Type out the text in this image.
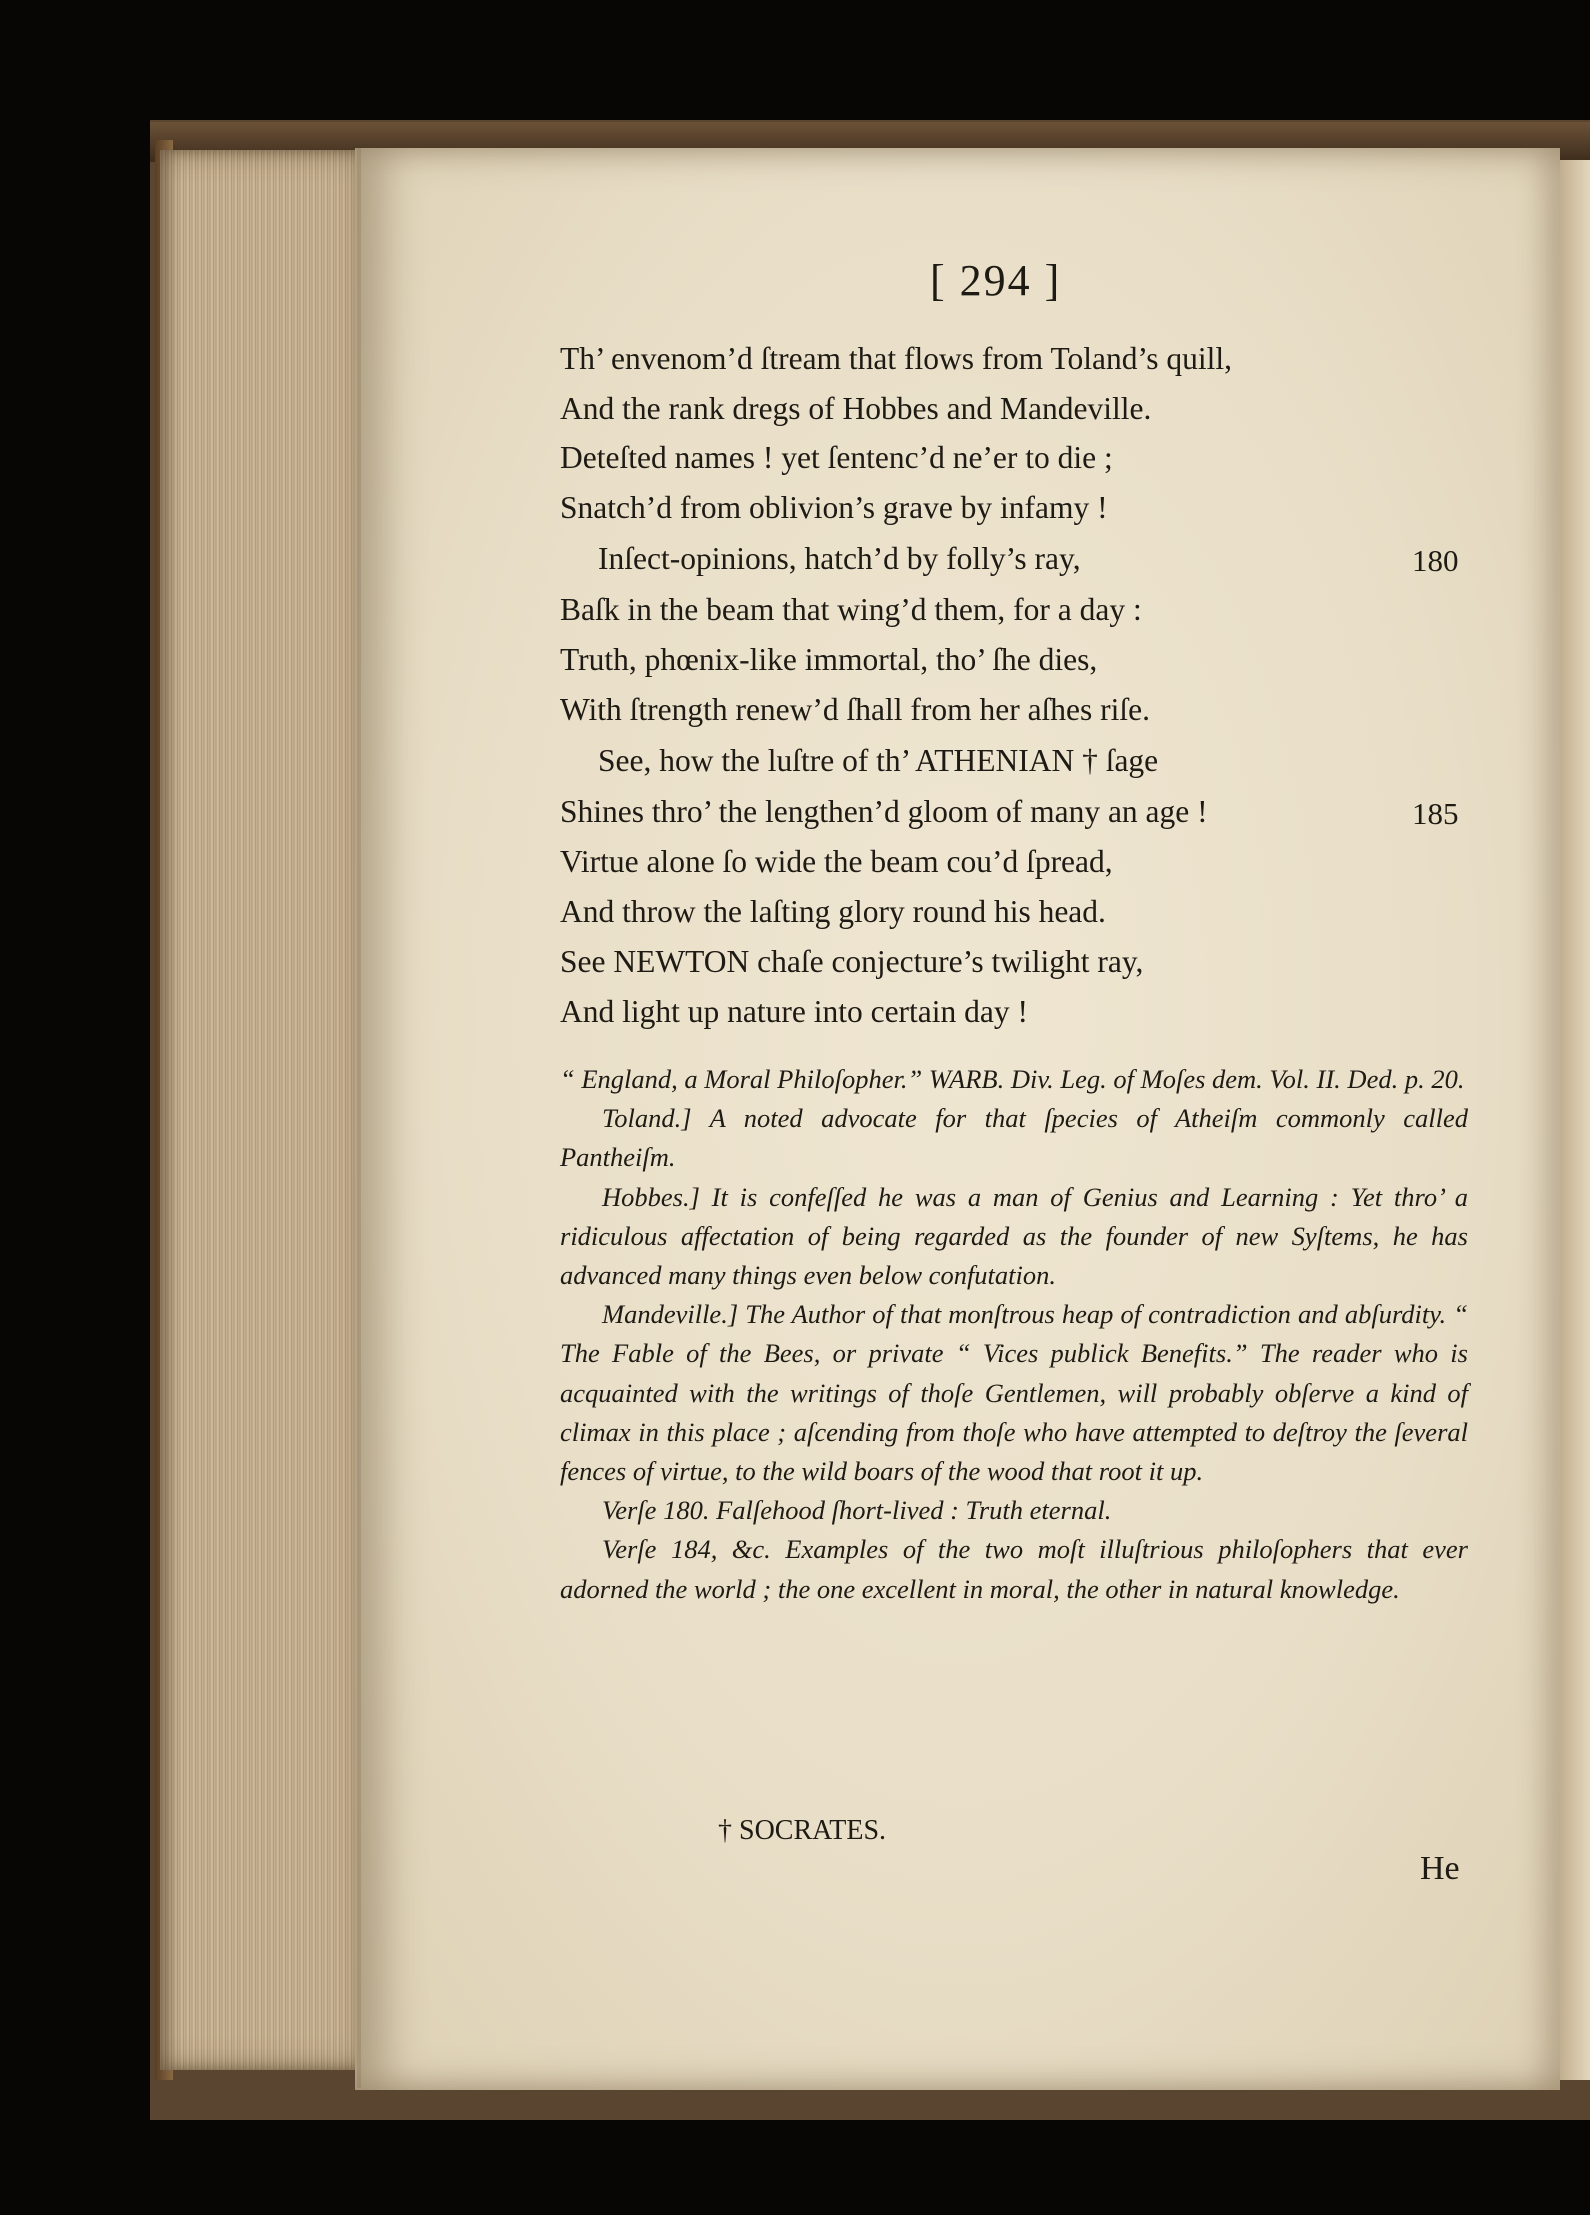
[ 294 ]
Th’ envenom’d ſtream that flows from Toland’s quill,
And the rank dregs of Hobbes and Mandeville.
Deteſted names ! yet ſentenc’d ne’er to die ;
Snatch’d from oblivion’s grave by infamy !
Inſect-opinions, hatch’d by folly’s ray,
Baſk in the beam that wing’d them, for a day :
Truth, phœnix-like immortal, tho’ ſhe dies,
With ſtrength renew’d ſhall from her aſhes riſe.
See, how the luſtre of th’ ATHENIAN † ſage
Shines thro’ the lengthen’d gloom of many an age !
Virtue alone ſo wide the beam cou’d ſpread,
And throw the laſting glory round his head.
See NEWTON chaſe conjecture’s twilight ray,
And light up nature into certain day !
180
185

“ England, a Moral Philoſopher.” WARB. Div. Leg. of Moſes dem. Vol. II. Ded. p. 20.

Toland.] A noted advocate for that ſpecies of Atheiſm commonly called Pantheiſm.

Hobbes.] It is confeſſed he was a man of Genius and Learning : Yet thro’ a ridiculous affectation of being regarded as the founder of new Syſtems, he has advanced many things even below confutation.

Mandeville.] The Author of that monſtrous heap of contradiction and abſurdity. “ The Fable of the Bees, or private “ Vices publick Benefits.” The reader who is acquainted with the writings of thoſe Gentlemen, will probably obſerve a kind of climax in this place ; aſcending from thoſe who have attempted to deſtroy the ſeveral fences of virtue, to the wild boars of the wood that root it up.

Verſe 180. Falſehood ſhort-lived : Truth eternal.

Verſe 184, &c. Examples of the two moſt illuſtrious philoſophers that ever adorned the world ; the one excellent in moral, the other in natural knowledge.

† SOCRATES.
He
